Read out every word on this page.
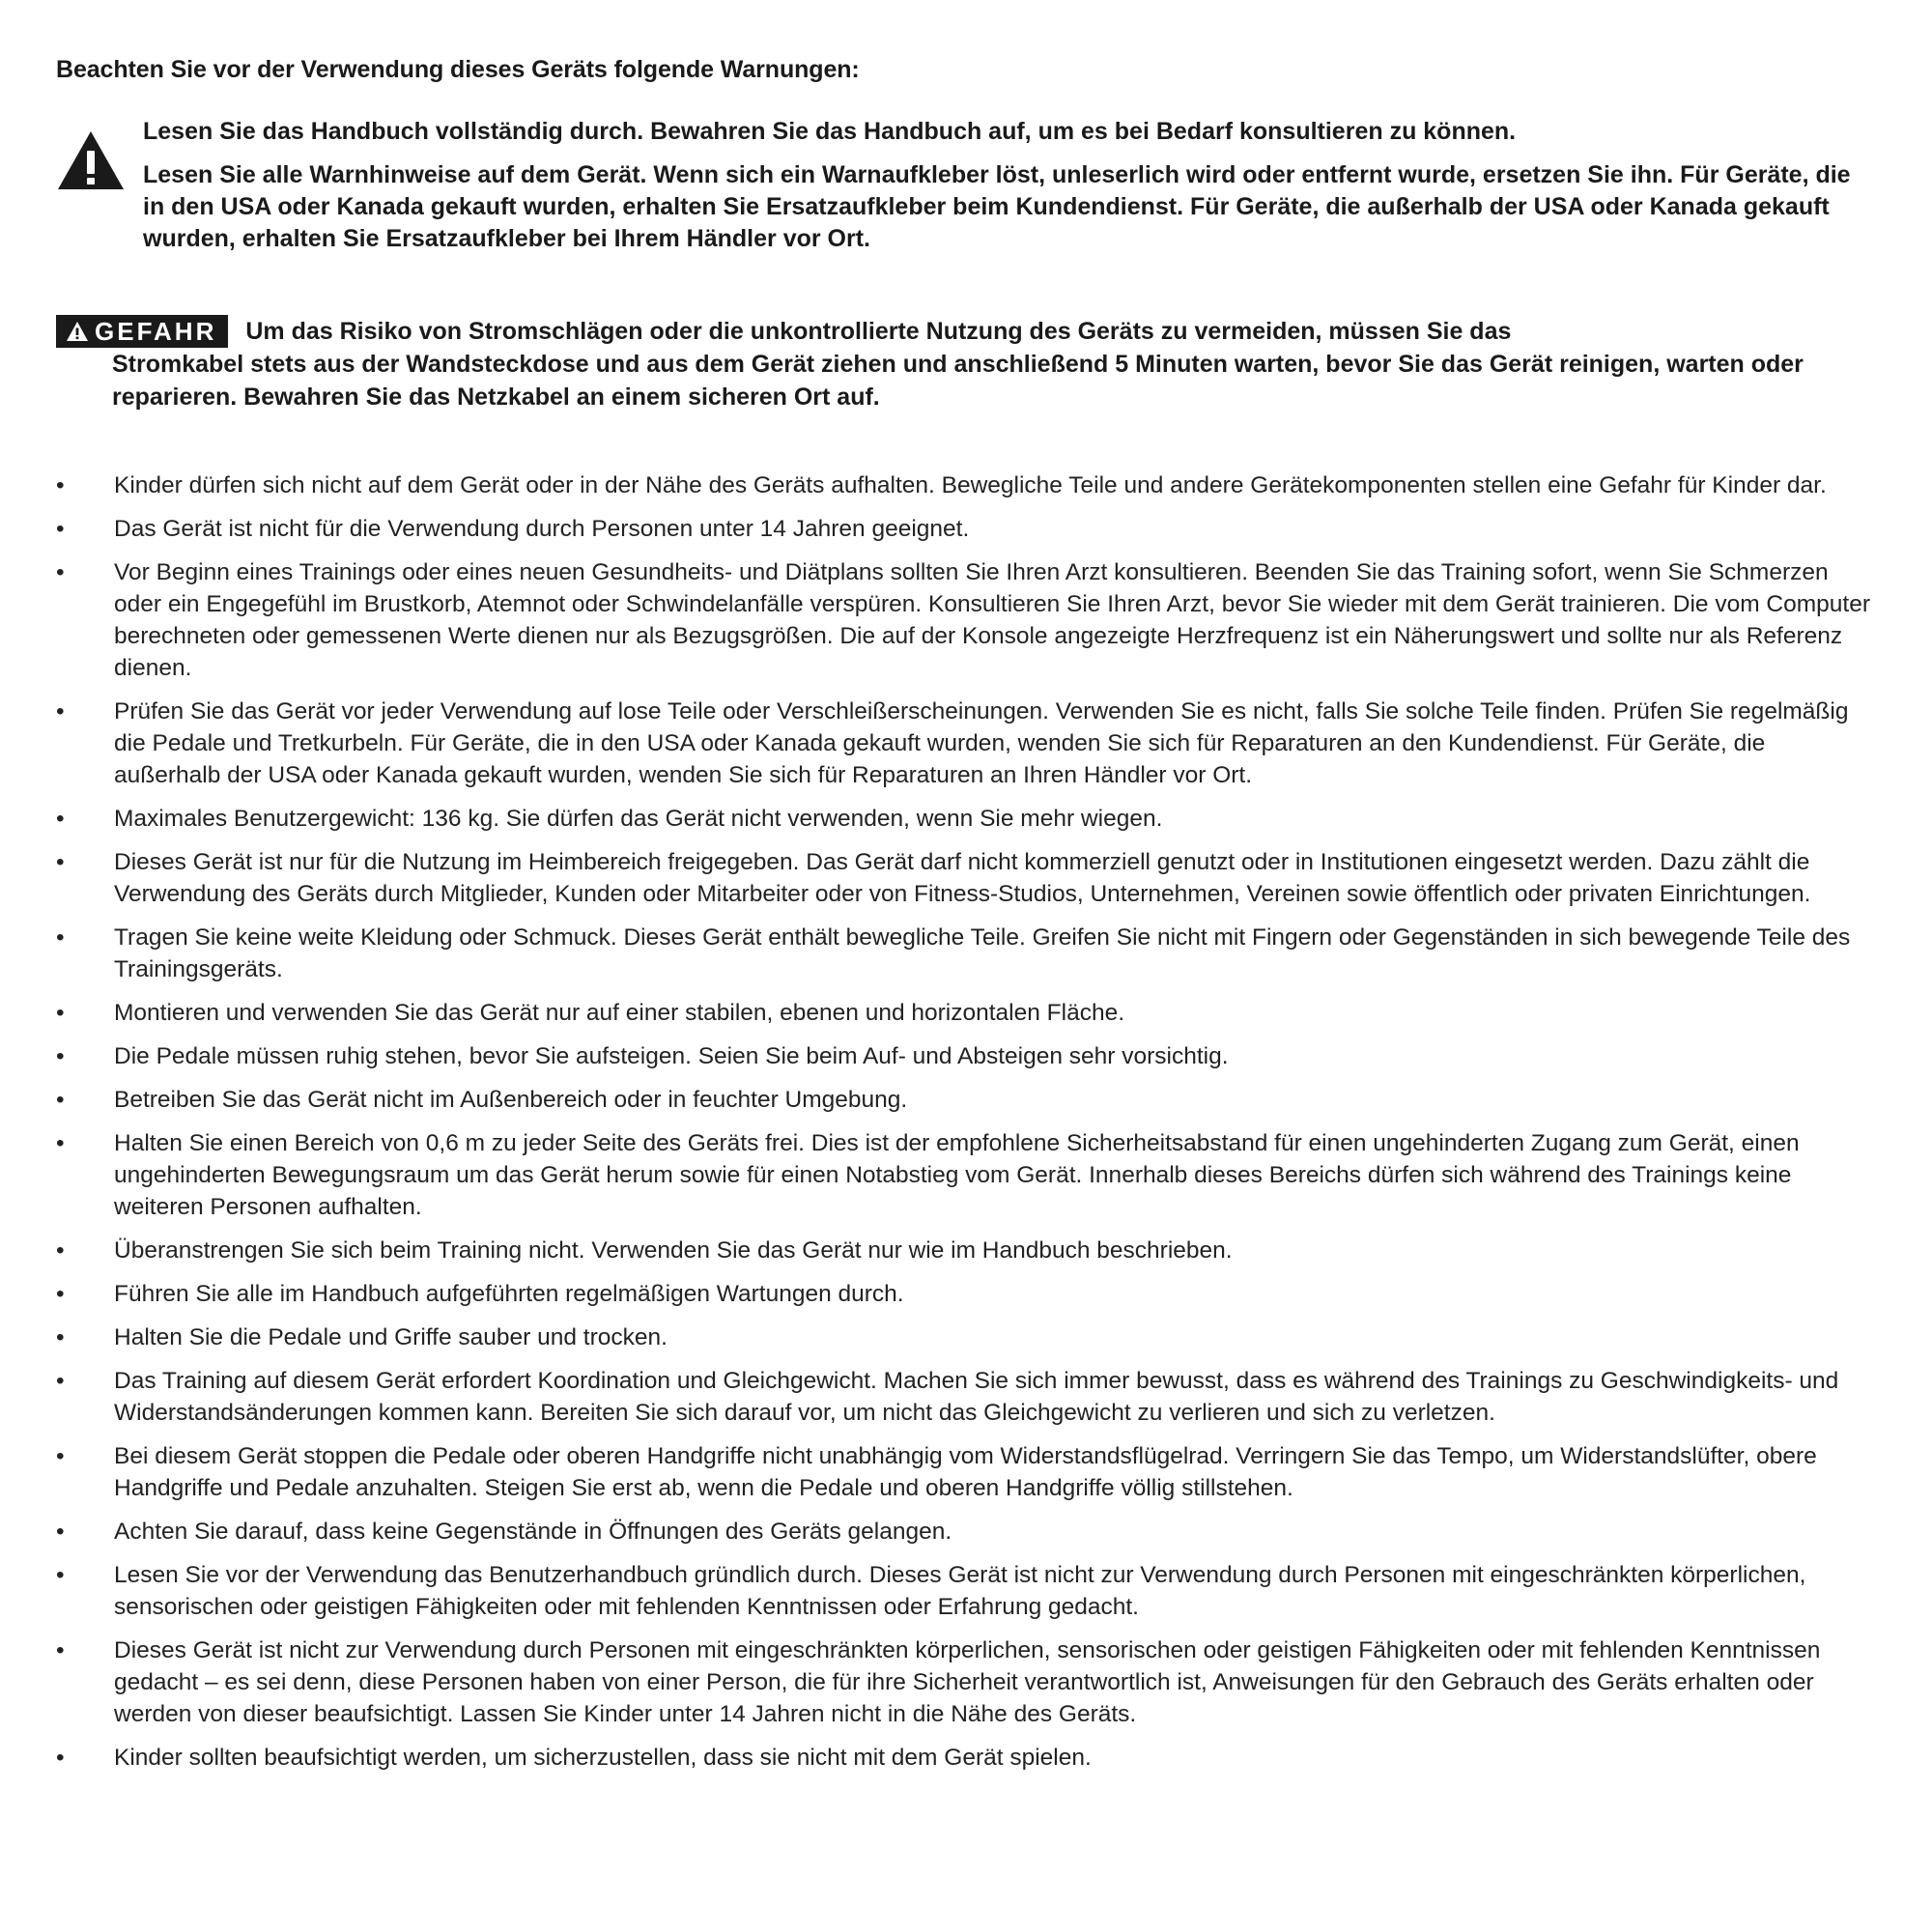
Beachten Sie vor der Verwendung dieses Geräts folgende Warnungen:

Lesen Sie das Handbuch vollständig durch. Bewahren Sie das Handbuch auf, um es bei Bedarf konsultieren zu können.

Lesen Sie alle Warnhinweise auf dem Gerät. Wenn sich ein Warnaufkleber löst, unleserlich wird oder entfernt wurde, ersetzen Sie ihn. Für Geräte, die in den USA oder Kanada gekauft wurden, erhalten Sie Ersatzaufkleber beim Kundendienst. Für Geräte, die außerhalb der USA oder Kanada gekauft wurden, erhalten Sie Ersatzaufkleber bei Ihrem Händler vor Ort.

GEFAHR Um das Risiko von Stromschlägen oder die unkontrollierte Nutzung des Geräts zu vermeiden, müssen Sie das

Stromkabel stets aus der Wandsteckdose und aus dem Gerät ziehen und anschließend 5 Minuten warten, bevor Sie das Gerät reinigen, warten oder reparieren. Bewahren Sie das Netzkabel an einem sicheren Ort auf.

•	Kinder dürfen sich nicht auf dem Gerät oder in der Nähe des Geräts aufhalten. Bewegliche Teile und andere Gerätekomponenten stellen eine Gefahr für Kinder dar.
•	Das Gerät ist nicht für die Verwendung durch Personen unter 14 Jahren geeignet.
•	Vor Beginn eines Trainings oder eines neuen Gesundheits- und Diätplans sollten Sie Ihren Arzt konsultieren. Beenden Sie das Training sofort, wenn Sie Schmerzen oder ein Engegefühl im Brustkorb, Atemnot oder Schwindelanfälle verspüren. Konsultieren Sie Ihren Arzt, bevor Sie wieder mit dem Gerät trainieren. Die vom Computer berechneten oder gemessenen Werte dienen nur als Bezugsgrößen. Die auf der Konsole angezeigte Herzfrequenz ist ein Näherungswert und sollte nur als Referenz dienen.
•	Prüfen Sie das Gerät vor jeder Verwendung auf lose Teile oder Verschleißerscheinungen. Verwenden Sie es nicht, falls Sie solche Teile finden. Prüfen Sie regelmäßig die Pedale und Tretkurbeln. Für Geräte, die in den USA oder Kanada gekauft wurden, wenden Sie sich für Reparaturen an den Kundendienst. Für Geräte, die außerhalb der USA oder Kanada gekauft wurden, wenden Sie sich für Reparaturen an Ihren Händler vor Ort.
•	Maximales Benutzergewicht: 136 kg. Sie dürfen das Gerät nicht verwenden, wenn Sie mehr wiegen.
•	Dieses Gerät ist nur für die Nutzung im Heimbereich freigegeben. Das Gerät darf nicht kommerziell genutzt oder in Institutionen eingesetzt werden. Dazu zählt die Verwendung des Geräts durch Mitglieder, Kunden oder Mitarbeiter oder von Fitness-Studios, Unternehmen, Vereinen sowie öffentlich oder privaten Einrichtungen.
•	Tragen Sie keine weite Kleidung oder Schmuck. Dieses Gerät enthält bewegliche Teile. Greifen Sie nicht mit Fingern oder Gegenständen in sich bewegende Teile des Trainingsgeräts.
•	Montieren und verwenden Sie das Gerät nur auf einer stabilen, ebenen und horizontalen Fläche.
•	Die Pedale müssen ruhig stehen, bevor Sie aufsteigen. Seien Sie beim Auf- und Absteigen sehr vorsichtig.
•	Betreiben Sie das Gerät nicht im Außenbereich oder in feuchter Umgebung.
•	Halten Sie einen Bereich von 0,6 m zu jeder Seite des Geräts frei. Dies ist der empfohlene Sicherheitsabstand für einen ungehinderten Zugang zum Gerät, einen ungehinderten Bewegungsraum um das Gerät herum sowie für einen Notabstieg vom Gerät. Innerhalb dieses Bereichs dürfen sich während des Trainings keine weiteren Personen aufhalten.
•	Überanstrengen Sie sich beim Training nicht. Verwenden Sie das Gerät nur wie im Handbuch beschrieben.
•	Führen Sie alle im Handbuch aufgeführten regelmäßigen Wartungen durch.
•	Halten Sie die Pedale und Griffe sauber und trocken.
•	Das Training auf diesem Gerät erfordert Koordination und Gleichgewicht. Machen Sie sich immer bewusst, dass es während des Trainings zu Geschwindigkeits- und Widerstandsänderungen kommen kann. Bereiten Sie sich darauf vor, um nicht das Gleichgewicht zu verlieren und sich zu verletzen.
•	Bei diesem Gerät stoppen die Pedale oder oberen Handgriffe nicht unabhängig vom Widerstandsflügelrad. Verringern Sie das Tempo, um Widerstandslüfter, obere Handgriffe und Pedale anzuhalten. Steigen Sie erst ab, wenn die Pedale und oberen Handgriffe völlig stillstehen.
•	Achten Sie darauf, dass keine Gegenstände in Öffnungen des Geräts gelangen.
•	Lesen Sie vor der Verwendung das Benutzerhandbuch gründlich durch. Dieses Gerät ist nicht zur Verwendung durch Personen mit eingeschränkten körperlichen, sensorischen oder geistigen Fähigkeiten oder mit fehlenden Kenntnissen oder Erfahrung gedacht.
•	Dieses Gerät ist nicht zur Verwendung durch Personen mit eingeschränkten körperlichen, sensorischen oder geistigen Fähigkeiten oder mit fehlenden Kenntnissen gedacht – es sei denn, diese Personen haben von einer Person, die für ihre Sicherheit verantwortlich ist, Anweisungen für den Gebrauch des Geräts erhalten oder werden von dieser beaufsichtigt. Lassen Sie Kinder unter 14 Jahren nicht in die Nähe des Geräts.
•	Kinder sollten beaufsichtigt werden, um sicherzustellen, dass sie nicht mit dem Gerät spielen.
